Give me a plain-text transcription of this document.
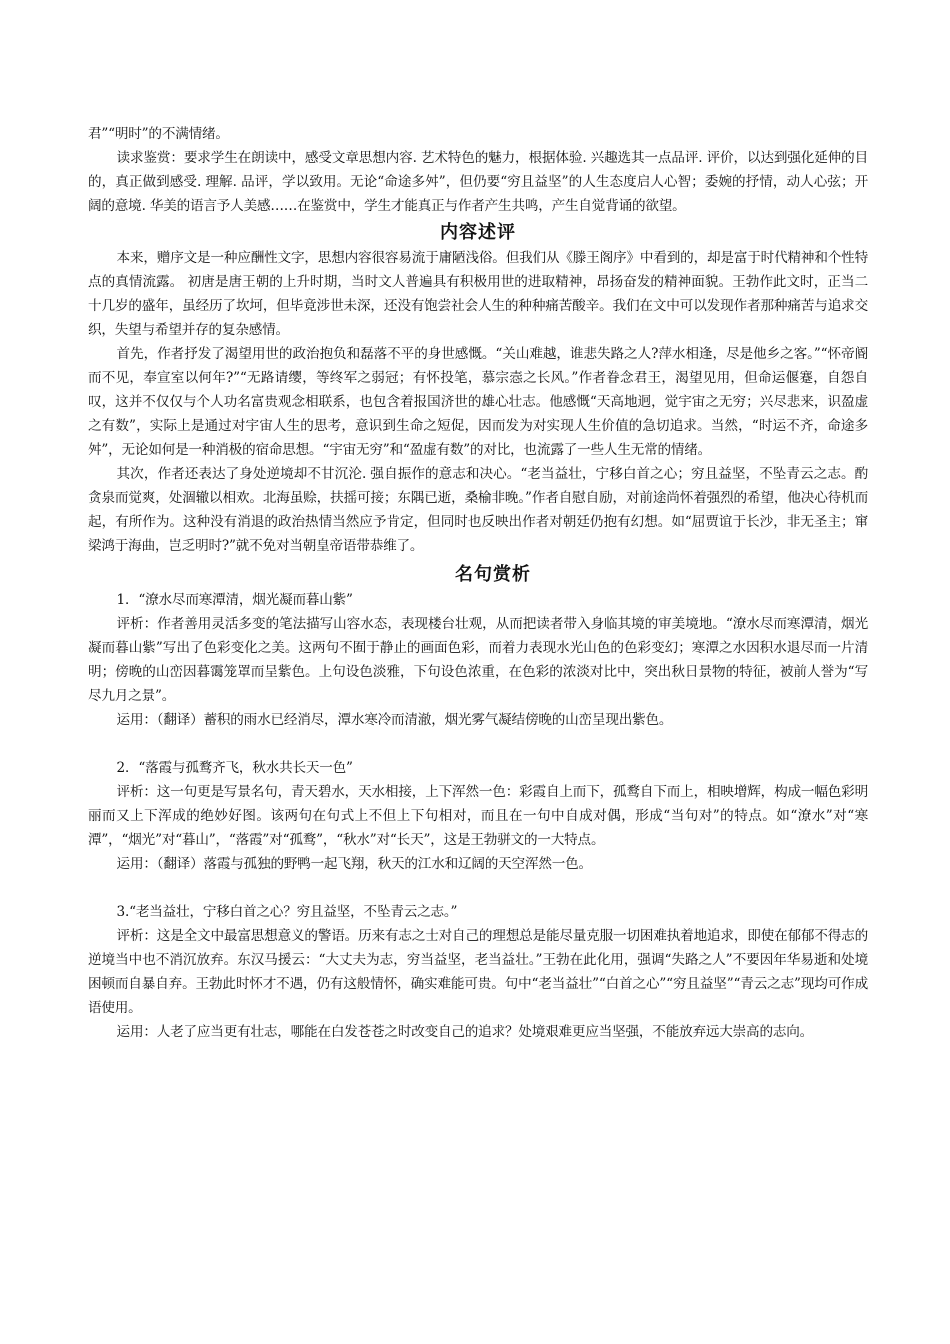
君”“明时”的不满情绪。

读求鉴赏：要求学生在朗读中，感受文章思想内容. 艺术特色的魅力，根据体验. 兴趣选其一点品评. 评价，以达到强化延伸的目的，真正做到感受. 理解. 品评，学以致用。无论“命途多舛”，但仍要“穷且益坚”的人生态度启人心智；委婉的抒情，动人心弦；开阔的意境. 华美的语言予人美感……在鉴赏中，学生才能真正与作者产生共鸣，产生自觉背诵的欲望。

内容述评

本来，赠序文是一种应酬性文字，思想内容很容易流于庸陋浅俗。但我们从《滕王阁序》中看到的，却是富于时代精神和个性特点的真情流露。 初唐是唐王朝的上升时期，当时文人普遍具有积极用世的进取精神，昂扬奋发的精神面貌。王勃作此文时，正当二十几岁的盛年，虽经历了坎坷，但毕竟涉世未深，还没有饱尝社会人生的种种痛苦酸辛。我们在文中可以发现作者那种痛苦与追求交织，失望与希望并存的复杂感情。

首先，作者抒发了渴望用世的政治抱负和磊落不平的身世感慨。“关山难越，谁悲失路之人?萍水相逢，尽是他乡之客。”“怀帝阍而不见，奉宣室以何年?”“无路请缨，等终军之弱冠；有怀投笔，慕宗悫之长风。”作者眷念君王，渴望见用，但命运偃蹇，自怨自叹，这并不仅仅与个人功名富贵观念相联系，也包含着报国济世的雄心壮志。他感慨“天高地迥，觉宇宙之无穷；兴尽悲来，识盈虚之有数”，实际上是通过对宇宙人生的思考，意识到生命之短促，因而发为对实现人生价值的急切追求。当然，“时运不齐，命途多舛”，无论如何是一种消极的宿命思想。“宇宙无穷”和“盈虚有数”的对比，也流露了一些人生无常的情绪。

其次，作者还表达了身处逆境却不甘沉沦. 强自振作的意志和决心。“老当益壮，宁移白首之心；穷且益坚，不坠青云之志。酌贪泉而觉爽，处涸辙以相欢。北海虽赊，扶摇可接；东隅已逝，桑榆非晚。”作者自慰自励，对前途尚怀着强烈的希望，他决心待机而起，有所作为。这种没有消退的政治热情当然应予肯定，但同时也反映出作者对朝廷仍抱有幻想。如“屈贾谊于长沙，非无圣主；窜梁鸿于海曲，岂乏明时?”就不免对当朝皇帝语带恭维了。

名句赏析

1．“潦水尽而寒潭清，烟光凝而暮山紫”

评析：作者善用灵活多变的笔法描写山容水态，表现楼台壮观，从而把读者带入身临其境的审美境地。“潦水尽而寒潭清，烟光凝而暮山紫”写出了色彩变化之美。这两句不囿于静止的画面色彩，而着力表现水光山色的色彩变幻；寒潭之水因积水退尽而一片清明；傍晚的山峦因暮霭笼罩而呈紫色。上句设色淡雅，下句设色浓重，在色彩的浓淡对比中，突出秋日景物的特征，被前人誉为“写尽九月之景”。

运用：（翻译）蓄积的雨水已经消尽，潭水寒冷而清澈，烟光雾气凝结傍晚的山峦呈现出紫色。

2．“落霞与孤鹜齐飞，秋水共长天一色”

评析：这一句更是写景名句，青天碧水，天水相接，上下浑然一色：彩霞自上而下，孤鹜自下而上，相映增辉，构成一幅色彩明丽而又上下浑成的绝妙好图。该两句在句式上不但上下句相对，而且在一句中自成对偶，形成“当句对”的特点。如“潦水”对“寒潭”，“烟光”对“暮山”，“落霞”对“孤鹜”，“秋水”对“长天”，这是王勃骈文的一大特点。

运用：（翻译）落霞与孤独的野鸭一起飞翔，秋天的江水和辽阔的天空浑然一色。

3.“老当益壮，宁移白首之心？穷且益坚，不坠青云之志。”

评析：这是全文中最富思想意义的警语。历来有志之士对自己的理想总是能尽量克服一切困难执着地追求，即使在郁郁不得志的逆境当中也不消沉放弃。东汉马援云：“大丈夫为志，穷当益坚，老当益壮。”王勃在此化用，强调“失路之人”不要因年华易逝和处境困顿而自暴自弃。王勃此时怀才不遇，仍有这般情怀，确实难能可贵。句中“老当益壮”“白首之心”“穷且益坚”“青云之志”现均可作成语使用。

运用：人老了应当更有壮志，哪能在白发苍苍之时改变自己的追求？处境艰难更应当坚强，不能放弃远大崇高的志向。
